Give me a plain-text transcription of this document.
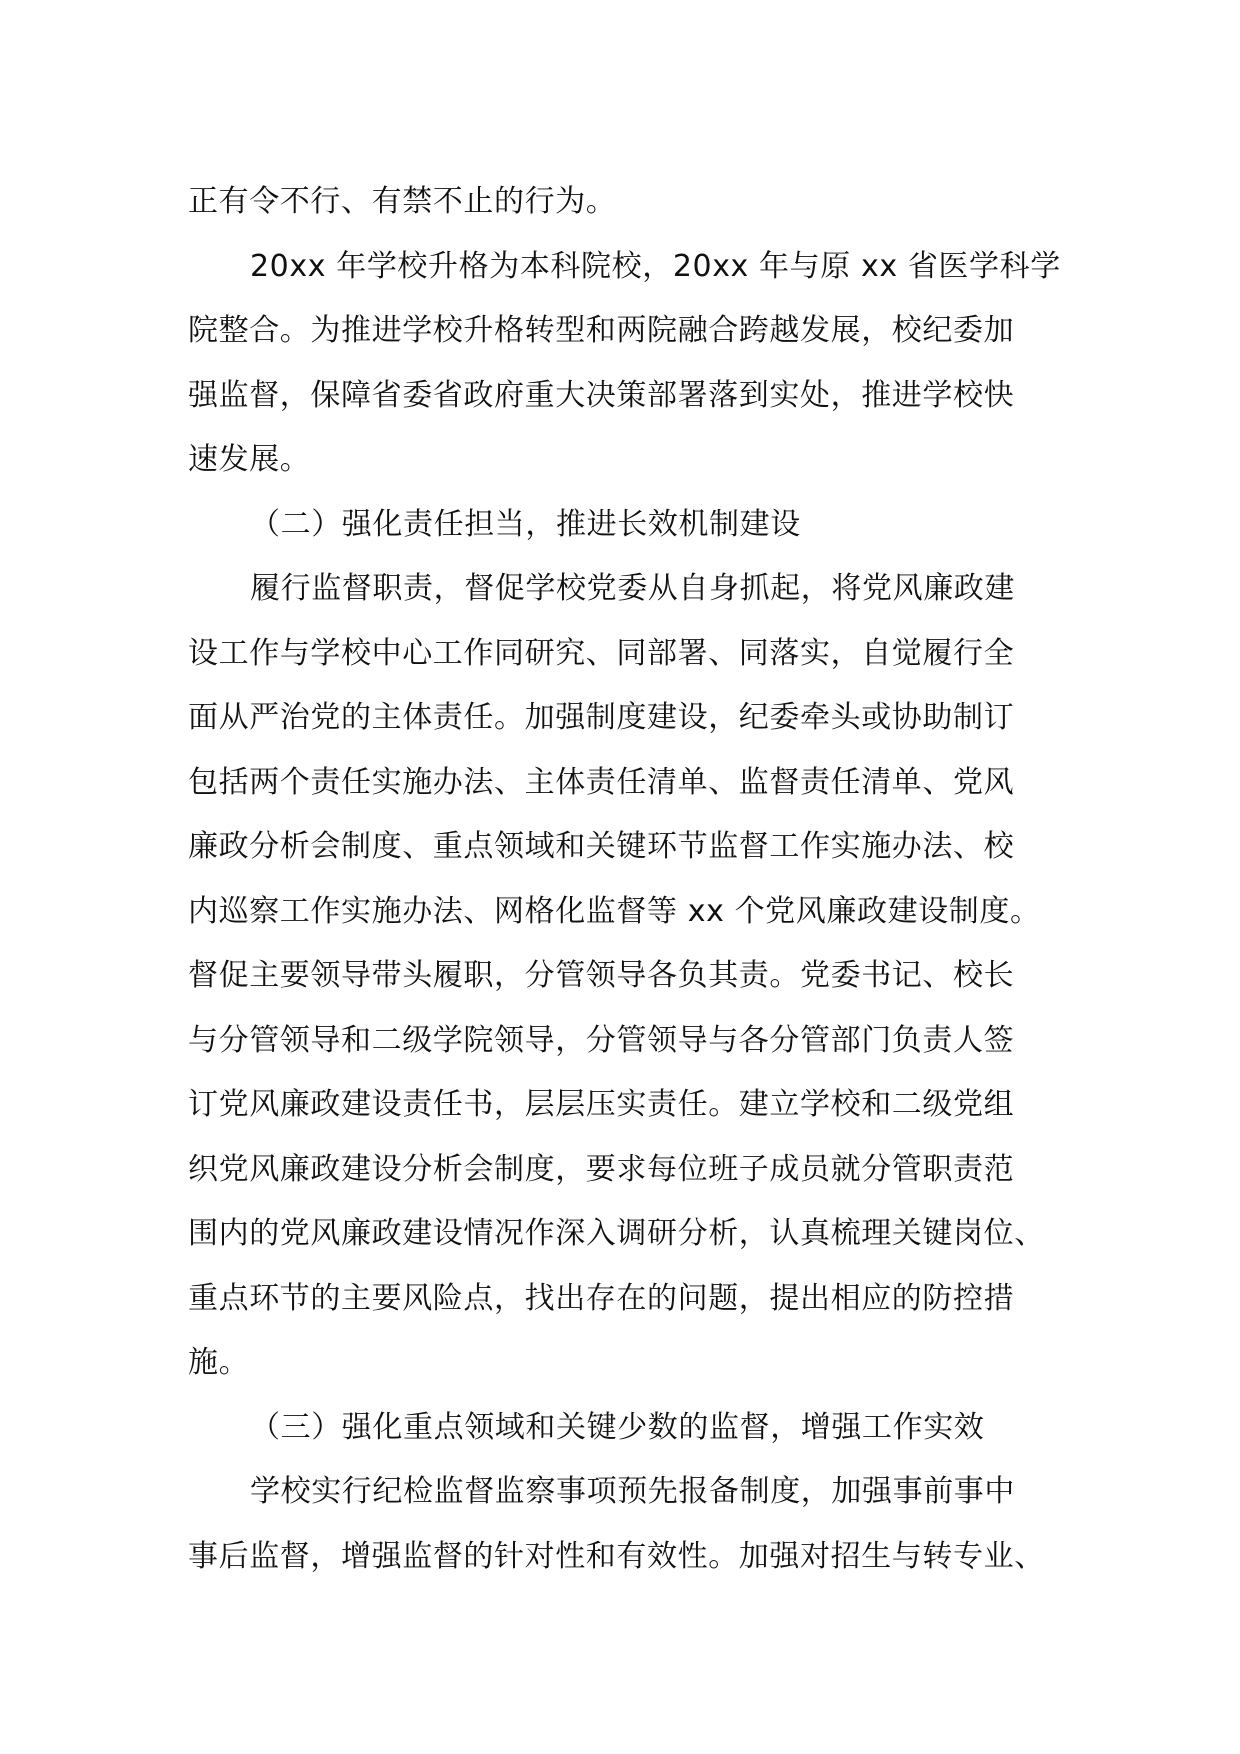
正有令不行、有禁不止的行为。
20xx 年学校升格为本科院校，20xx 年与原 xx 省医学科学
院整合。为推进学校升格转型和两院融合跨越发展，校纪委加
强监督，保障省委省政府重大决策部署落到实处，推进学校快
速发展。
（二）强化责任担当，推进长效机制建设
履行监督职责，督促学校党委从自身抓起，将党风廉政建
设工作与学校中心工作同研究、同部署、同落实，自觉履行全
面从严治党的主体责任。加强制度建设，纪委牵头或协助制订
包括两个责任实施办法、主体责任清单、监督责任清单、党风
廉政分析会制度、重点领域和关键环节监督工作实施办法、校
内巡察工作实施办法、网格化监督等 xx 个党风廉政建设制度。
督促主要领导带头履职，分管领导各负其责。党委书记、校长
与分管领导和二级学院领导，分管领导与各分管部门负责人签
订党风廉政建设责任书，层层压实责任。建立学校和二级党组
织党风廉政建设分析会制度，要求每位班子成员就分管职责范
围内的党风廉政建设情况作深入调研分析，认真梳理关键岗位、
重点环节的主要风险点，找出存在的问题，提出相应的防控措
施。
（三）强化重点领域和关键少数的监督，增强工作实效
学校实行纪检监督监察事项预先报备制度，加强事前事中
事后监督，增强监督的针对性和有效性。加强对招生与转专业、
